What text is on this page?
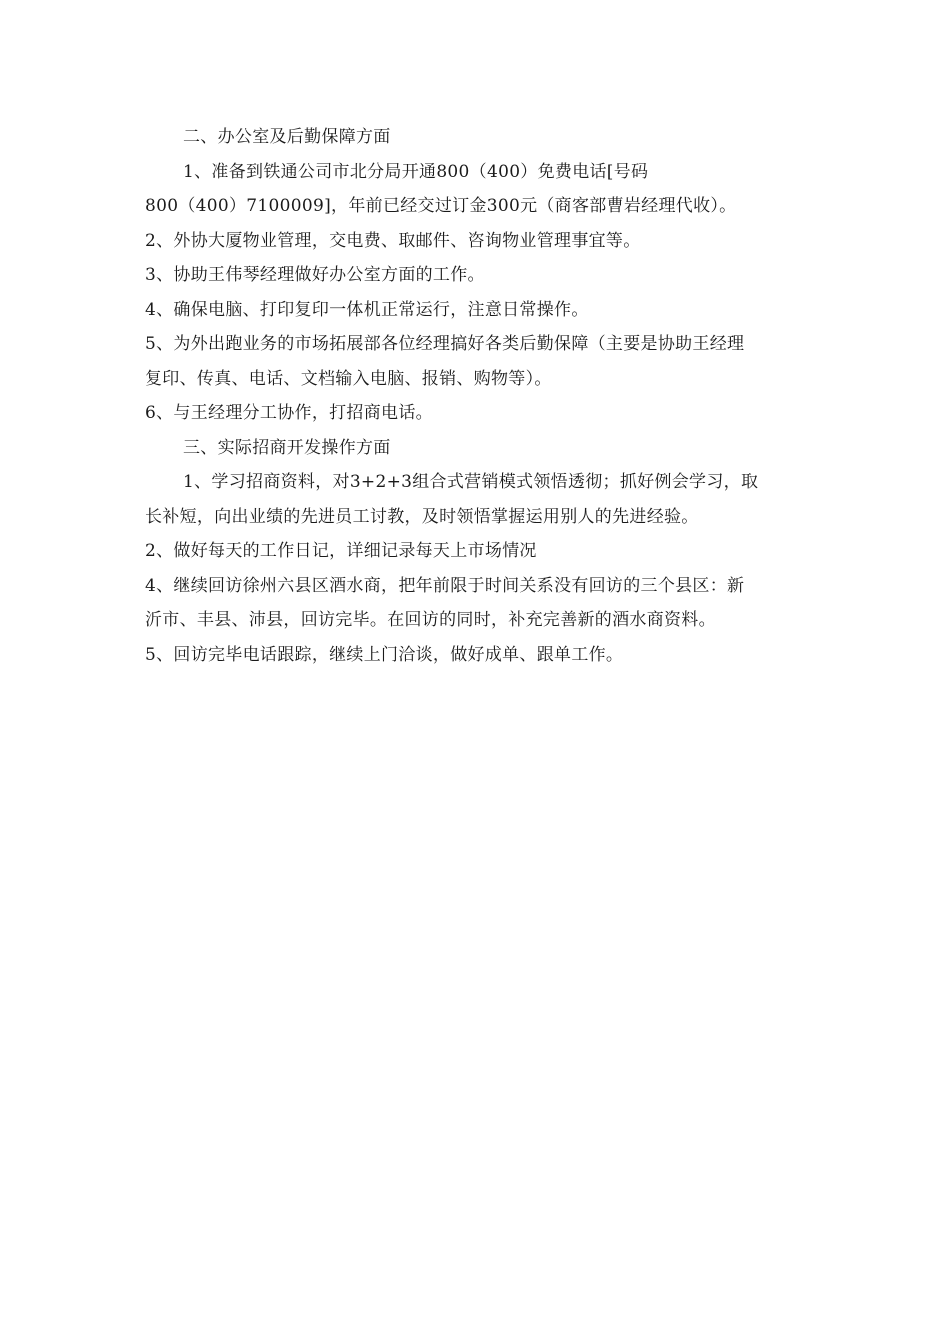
二、办公室及后勤保障方面
1、准备到铁通公司市北分局开通800（400）免费电话[号码
800（400）7100009]，年前已经交过订金300元（商客部曹岩经理代收）。
2、外协大厦物业管理，交电费、取邮件、咨询物业管理事宜等。
3、协助王伟琴经理做好办公室方面的工作。
4、确保电脑、打印复印一体机正常运行，注意日常操作。
5、为外出跑业务的市场拓展部各位经理搞好各类后勤保障（主要是协助王经理
复印、传真、电话、文档输入电脑、报销、购物等）。
6、与王经理分工协作，打招商电话。
三、实际招商开发操作方面
1、学习招商资料，对3+2+3组合式营销模式领悟透彻；抓好例会学习，取
长补短，向出业绩的先进员工讨教，及时领悟掌握运用别人的先进经验。
2、做好每天的工作日记，详细记录每天上市场情况
4、继续回访徐州六县区酒水商，把年前限于时间关系没有回访的三个县区：新
沂市、丰县、沛县，回访完毕。在回访的同时，补充完善新的酒水商资料。
5、回访完毕电话跟踪，继续上门洽谈，做好成单、跟单工作。
